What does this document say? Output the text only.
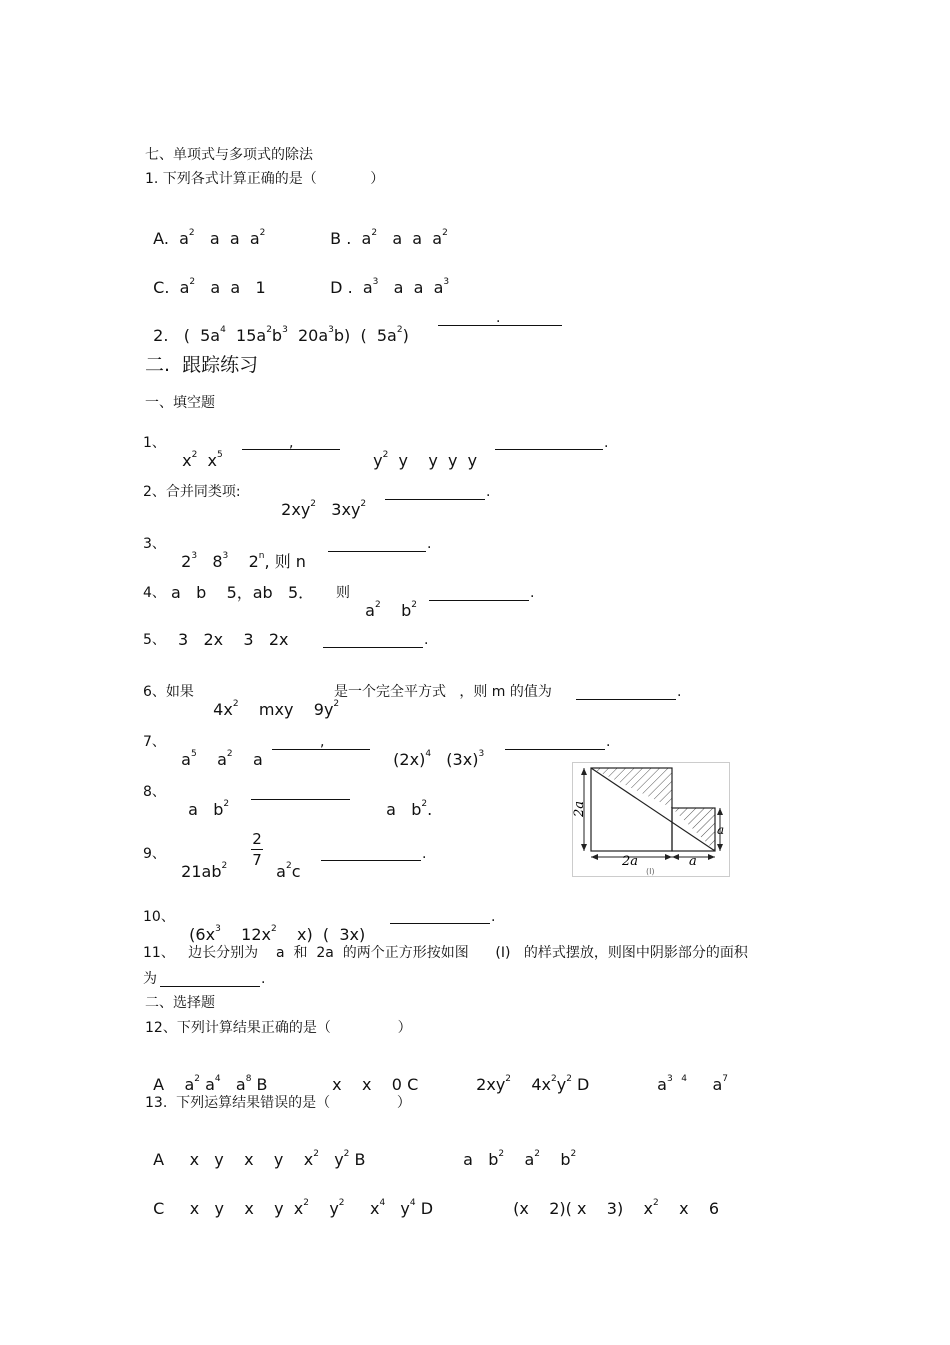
七、单项式与多项式的除法
1. 下列各式计算正确的是（            ）

A. $a^2$ a  a  $a^2$	B . $a^2$ a  a  $a^2$

C. $a^2$ a  a   1	D . $a^3$ a  a  $a^3$

2. (  $5a^4$  $15a^2b^3$  $20a^3b$)  (  $5a^2$)

.
二.  跟踪练习
一、填空题
1、

$x^2$  $x^5$

,

$y^2$  y    y  y  y

.
2、合并同类项:

$2xy^2$   $3xy^2$

.
3、

$2^3$   $8^3$    2$^n$, 则 n

.
4、 a   b    5，ab   5． 则

$a^2$    $b^2$

.
5、 3   2x    3   2x	.
6、如果

$4x^2$    mxy    $9y^2$

是一个完全平方式   ，则 m 的值为	.
7、

$a^5$    $a^2$    a

,

$(2x)^4$   $(3x)^3$

.
8、

a   $b^2$	a   $b^2$.

9、

$21ab^2$

2
7

$a^2c$

.
2a
2a	a
a
(I)
10、

($6x^3$    $12x^2$    x)  (  3x)

.
11、   边长分别为    a  和  2a  的两个正方形按如图      (I)   的样式摆放，则图中阴影部分的面积
为	.
二、选择题
12、下列计算结果正确的是（               ）

A $a^2$ $a^4$   $a^8$ B	x    x    0 C	$2xy^2$    $4x^2y^2$ D	$a^3$   $^4$     $a^7$

13.  下列运算结果错误的是（               ）

A x   y    x    y $x^2$   $y^2$ B	a   $b^2$    $a^2$    $b^2$

C x   y    x    y  $x^2$    $y^2$     $x^4$   $y^4$ D	(x    2)( x    3)    $x^2$    x    6
